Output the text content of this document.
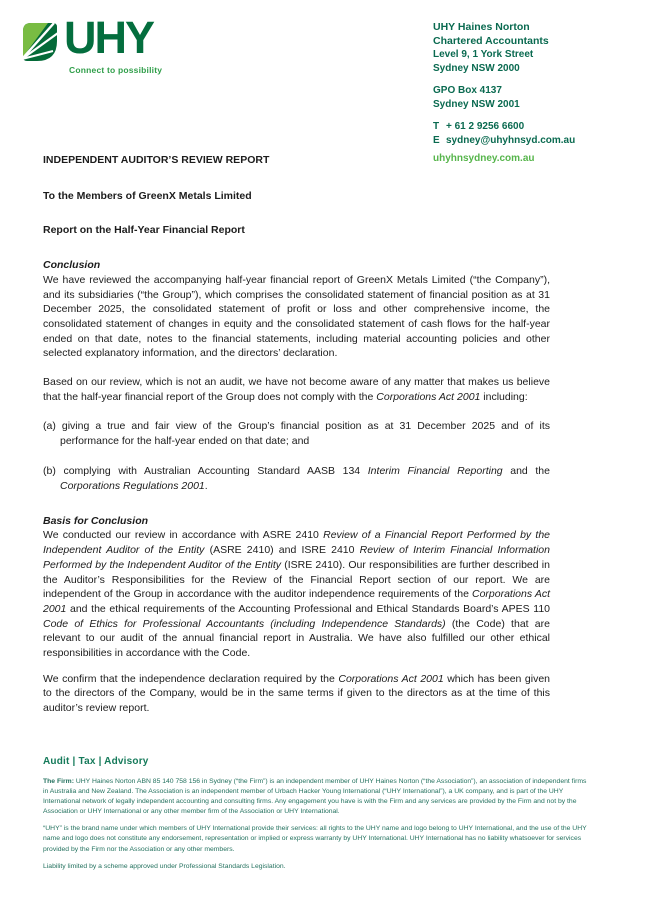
UHY
Connect to possibility
UHY Haines Norton
Chartered Accountants
Level 9, 1 York Street
Sydney NSW 2000
GPO Box 4137
Sydney NSW 2001
T + 61 2 9256 6600
E sydney@uhyhnsyd.com.au
uhyhnsydney.com.au
INDEPENDENT AUDITOR’S REVIEW REPORT
To the Members of GreenX Metals Limited
Report on the Half-Year Financial Report
Conclusion
We have reviewed the accompanying half-year financial report of GreenX Metals Limited (“the Company”), and its subsidiaries (“the Group”), which comprises the consolidated statement of financial position as at 31 December 2025, the consolidated statement of profit or loss and other comprehensive income, the consolidated statement of changes in equity and the consolidated statement of cash flows for the half-year ended on that date, notes to the financial statements, including material accounting policies and other selected explanatory information, and the directors’ declaration.
Based on our review, which is not an audit, we have not become aware of any matter that makes us believe that the half-year financial report of the Group does not comply with the Corporations Act 2001 including:
(a) giving a true and fair view of the Group’s financial position as at 31 December 2025 and of its performance for the half-year ended on that date; and
(b) complying with Australian Accounting Standard AASB 134 Interim Financial Reporting and the Corporations Regulations 2001.
Basis for Conclusion
We conducted our review in accordance with ASRE 2410 Review of a Financial Report Performed by the Independent Auditor of the Entity (ASRE 2410) and ISRE 2410 Review of Interim Financial Information Performed by the Independent Auditor of the Entity (ISRE 2410). Our responsibilities are further described in the Auditor’s Responsibilities for the Review of the Financial Report section of our report. We are independent of the Group in accordance with the auditor independence requirements of the Corporations Act 2001 and the ethical requirements of the Accounting Professional and Ethical Standards Board’s APES 110 Code of Ethics for Professional Accountants (including Independence Standards) (the Code) that are relevant to our audit of the annual financial report in Australia. We have also fulfilled our other ethical responsibilities in accordance with the Code.
We confirm that the independence declaration required by the Corporations Act 2001 which has been given to the directors of the Company, would be in the same terms if given to the directors as at the time of this auditor’s review report.
Audit | Tax | Advisory
The Firm: UHY Haines Norton ABN 85 140 758 156 in Sydney (“the Firm”) is an independent member of UHY Haines Norton (“the Association”), an association of independent firms in Australia and New Zealand. The Association is an independent member of Urbach Hacker Young International (“UHY International”), a UK company, and is part of the UHY International network of legally independent accounting and consulting firms. Any engagement you have is with the Firm and any services are provided by the Firm and not by the Association or UHY International or any other member firm of the Association or UHY International.
“UHY” is the brand name under which members of UHY International provide their services: all rights to the UHY name and logo belong to UHY International, and the use of the UHY name and logo does not constitute any endorsement, representation or implied or express warranty by UHY International. UHY International has no liability whatsoever for services provided by the Firm nor the Association or any other members.
Liability limited by a scheme approved under Professional Standards Legislation.
